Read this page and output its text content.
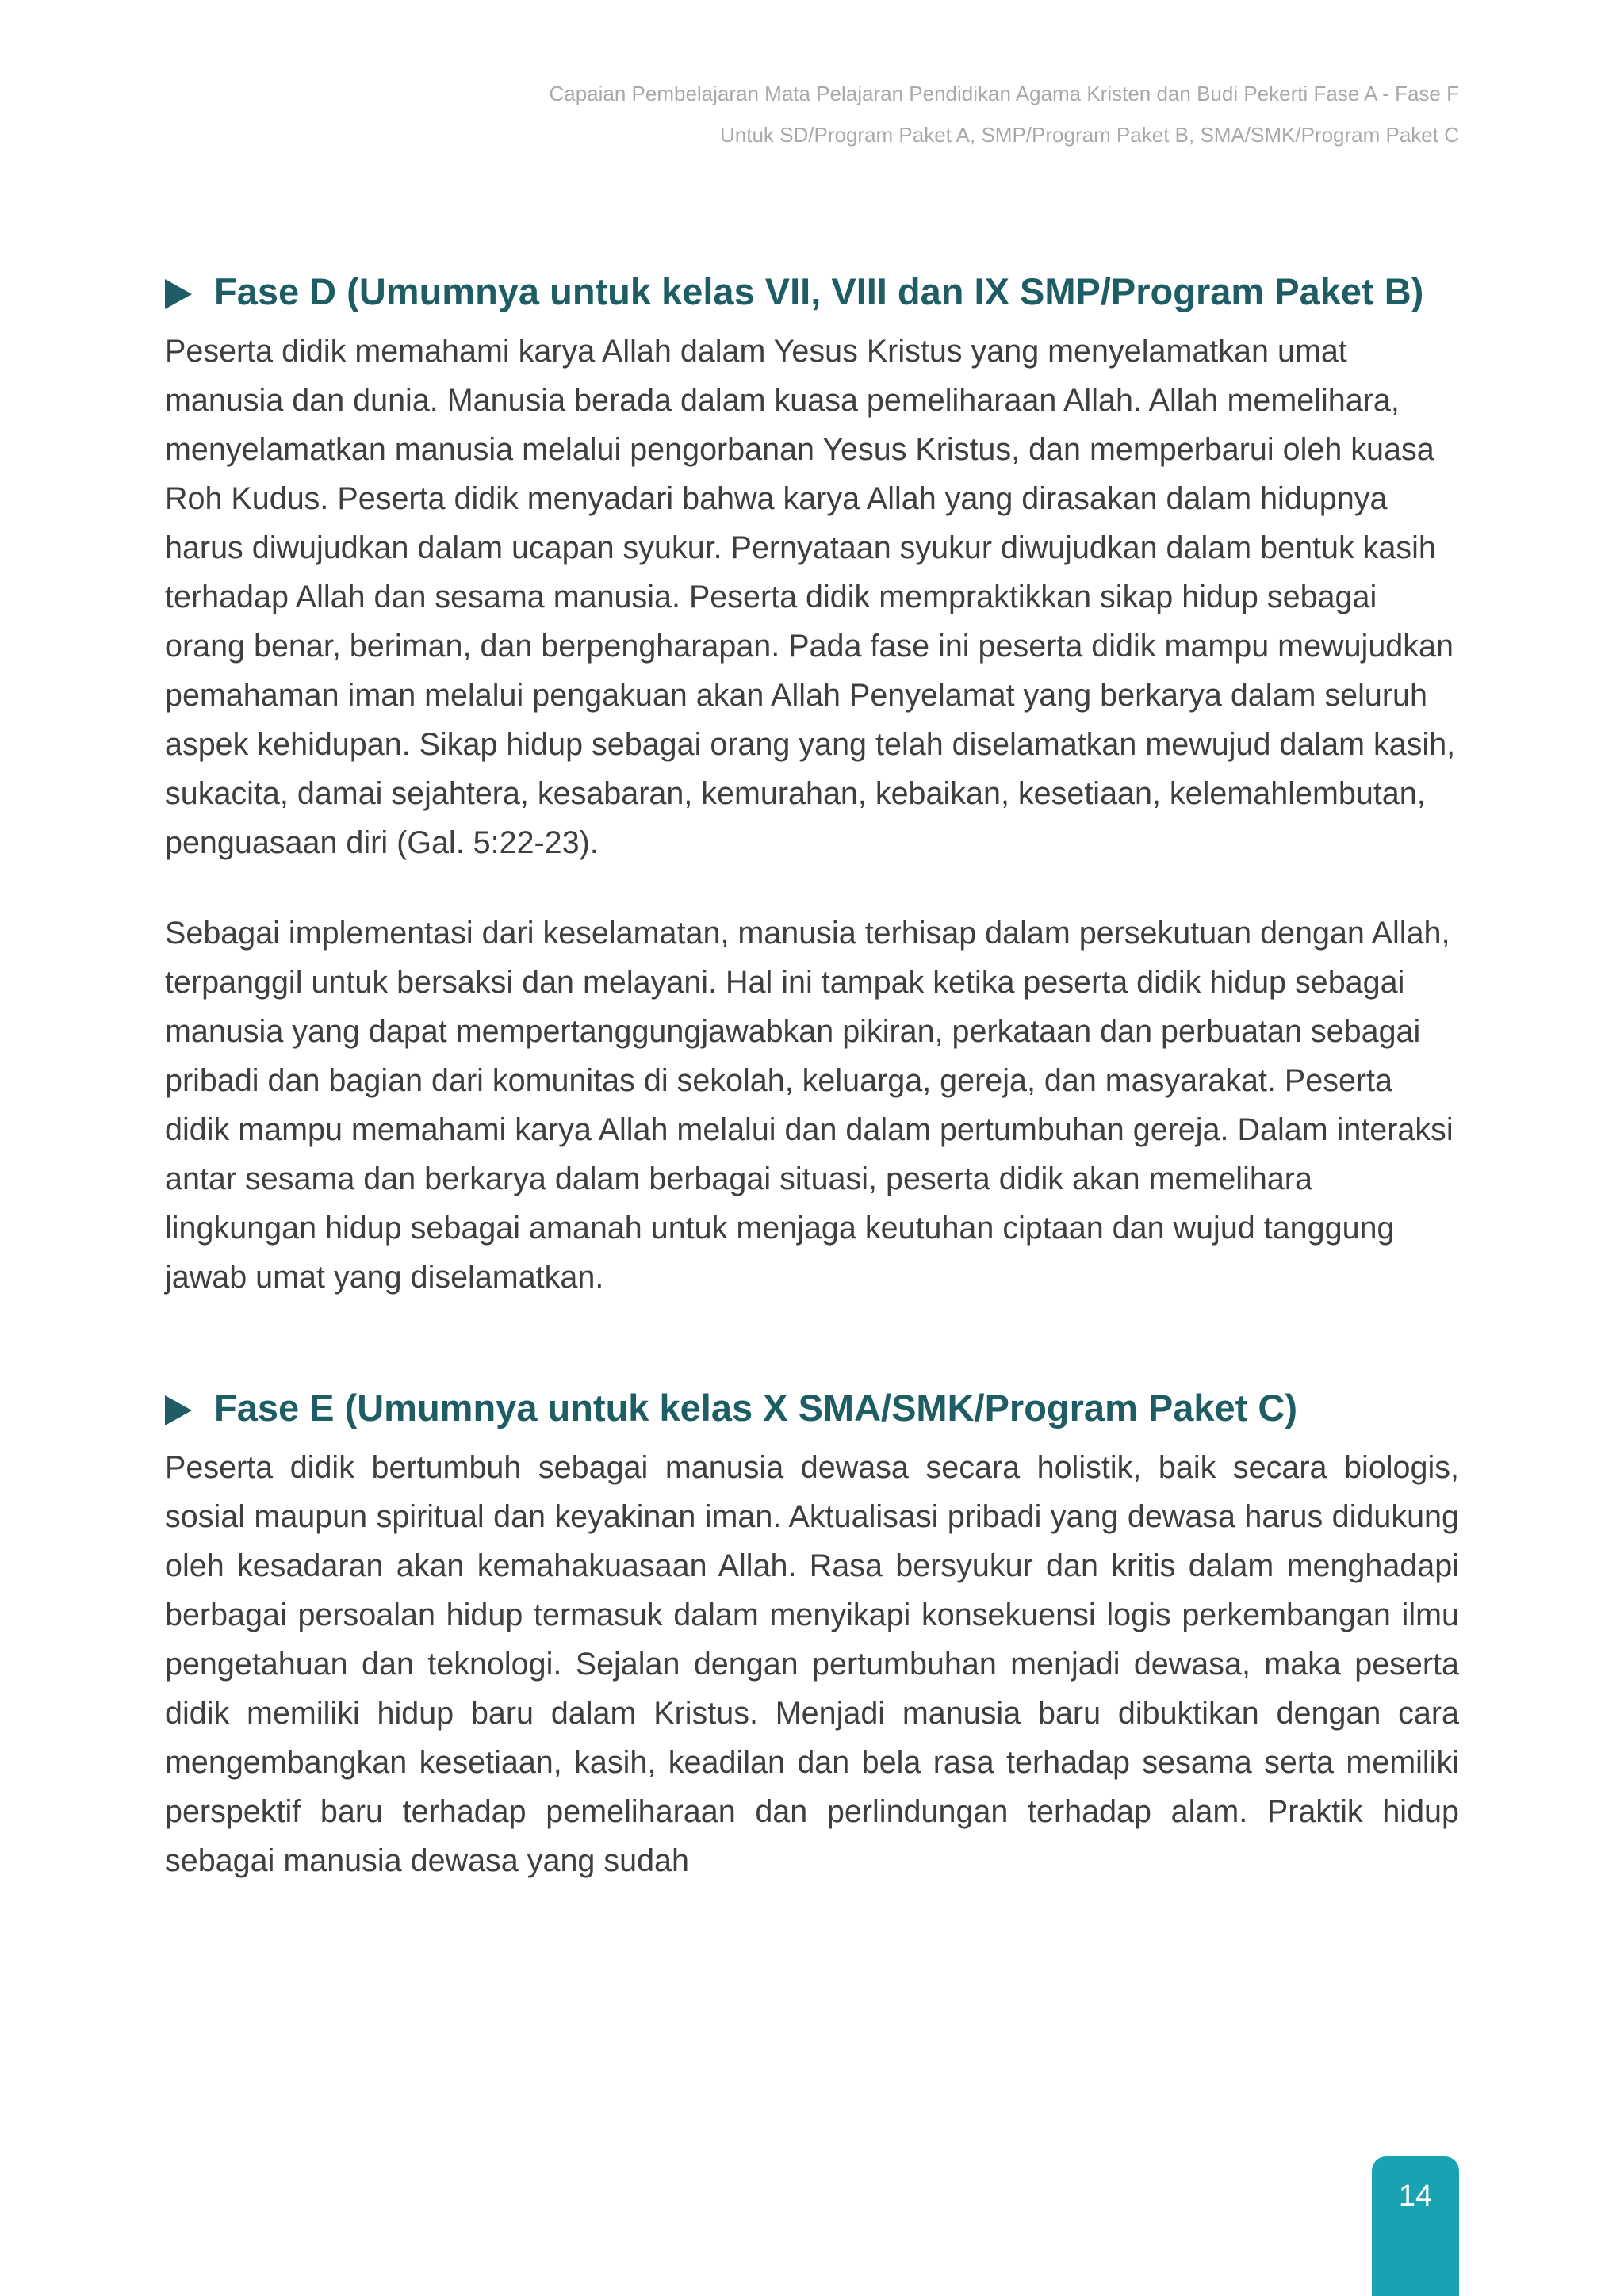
Capaian Pembelajaran Mata Pelajaran Pendidikan Agama Kristen dan Budi Pekerti Fase A - Fase F
Untuk SD/Program Paket A, SMP/Program Paket B, SMA/SMK/Program Paket C
Fase D (Umumnya untuk kelas VII, VIII dan IX SMP/Program Paket B)

Peserta didik memahami karya Allah dalam Yesus Kristus yang menyelamatkan umat manusia dan dunia. Manusia berada dalam kuasa pemeliharaan Allah. Allah memelihara, menyelamatkan manusia melalui pengorbanan Yesus Kristus, dan memperbarui oleh kuasa Roh Kudus. Peserta didik menyadari bahwa karya Allah yang dirasakan dalam hidupnya harus diwujudkan dalam ucapan syukur. Pernyataan syukur diwujudkan dalam bentuk kasih terhadap Allah dan sesama manusia. Peserta didik mempraktikkan sikap hidup sebagai orang benar, beriman, dan berpengharapan. Pada fase ini peserta didik mampu mewujudkan pemahaman iman melalui pengakuan akan Allah Penyelamat yang berkarya dalam seluruh aspek kehidupan. Sikap hidup sebagai orang yang telah diselamatkan mewujud dalam kasih, sukacita, damai sejahtera, kesabaran, kemurahan, kebaikan, kesetiaan, kelemahlembutan, penguasaan diri (Gal. 5:22-23).

Sebagai implementasi dari keselamatan, manusia terhisap dalam persekutuan dengan Allah, terpanggil untuk bersaksi dan melayani. Hal ini tampak ketika peserta didik hidup sebagai manusia yang dapat mempertanggungjawabkan pikiran, perkataan dan perbuatan sebagai pribadi dan bagian dari komunitas di sekolah, keluarga, gereja, dan masyarakat. Peserta didik mampu memahami karya Allah melalui dan dalam pertumbuhan gereja. Dalam interaksi antar sesama dan berkarya dalam berbagai situasi, peserta didik akan memelihara lingkungan hidup sebagai amanah untuk menjaga keutuhan ciptaan dan wujud tanggung jawab umat yang diselamatkan.

Fase E (Umumnya untuk kelas X SMA/SMK/Program Paket C)

Peserta didik bertumbuh sebagai manusia dewasa secara holistik, baik secara biologis, sosial maupun spiritual dan keyakinan iman. Aktualisasi pribadi yang dewasa harus didukung oleh kesadaran akan kemahakuasaan Allah. Rasa bersyukur dan kritis dalam menghadapi berbagai persoalan hidup termasuk dalam menyikapi konsekuensi logis perkembangan ilmu pengetahuan dan teknologi. Sejalan dengan pertumbuhan menjadi dewasa, maka peserta didik memiliki hidup baru dalam Kristus. Menjadi manusia baru dibuktikan dengan cara mengembangkan kesetiaan, kasih, keadilan dan bela rasa terhadap sesama serta memiliki perspektif baru terhadap pemeliharaan dan perlindungan terhadap alam. Praktik hidup sebagai manusia dewasa yang sudah

14
